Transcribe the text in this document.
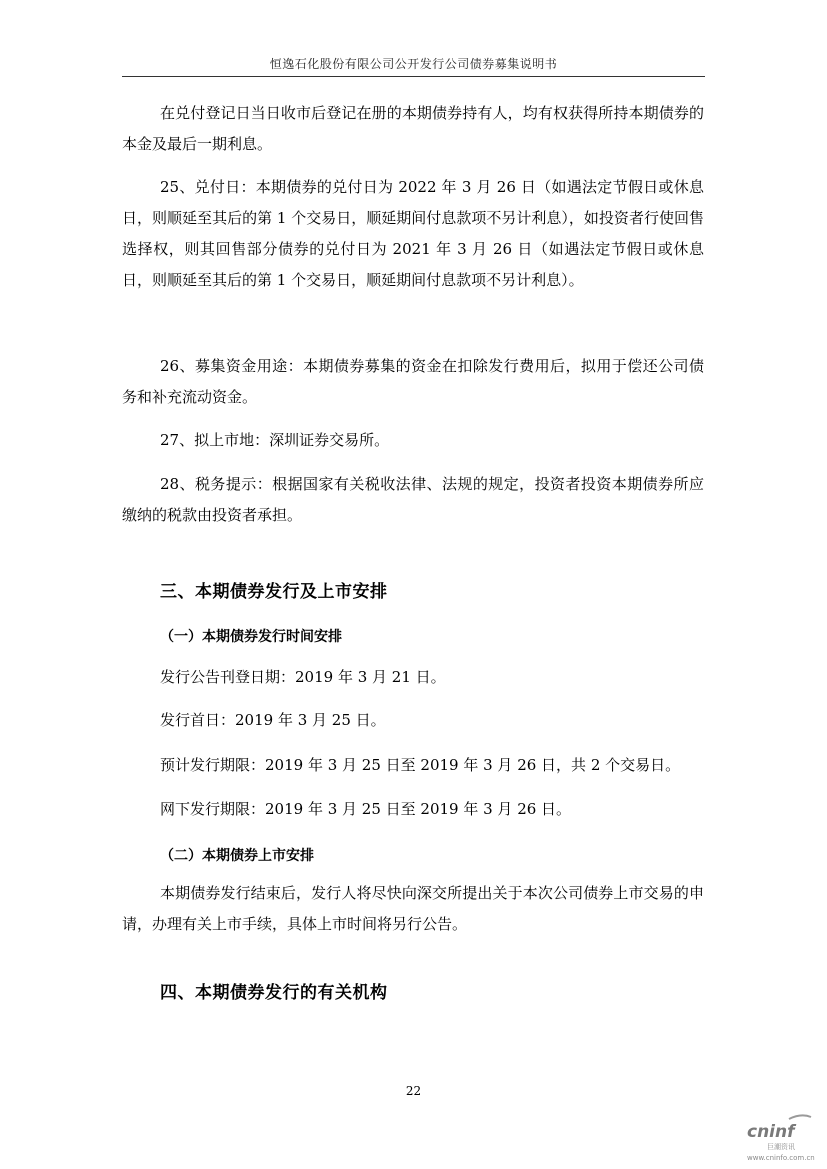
恒逸石化股份有限公司公开发行公司债券募集说明书

在兑付登记日当日收市后登记在册的本期债券持有人，均有权获得所持本期债券的本金及最后一期利息。

25、兑付日：本期债券的兑付日为 2022 年 3 月 26 日（如遇法定节假日或休息日，则顺延至其后的第 1 个交易日，顺延期间付息款项不另计利息），如投资者行使回售选择权，则其回售部分债券的兑付日为 2021 年 3 月 26 日（如遇法定节假日或休息日，则顺延至其后的第 1 个交易日，顺延期间付息款项不另计利息）。

26、募集资金用途：本期债券募集的资金在扣除发行费用后，拟用于偿还公司债务和补充流动资金。

27、拟上市地：深圳证券交易所。

28、税务提示：根据国家有关税收法律、法规的规定，投资者投资本期债券所应缴纳的税款由投资者承担。

三、本期债券发行及上市安排
（一）本期债券发行时间安排

发行公告刊登日期：2019 年 3 月 21 日。

发行首日：2019 年 3 月 25 日。

预计发行期限：2019 年 3 月 25 日至 2019 年 3 月 26 日，共 2 个交易日。

网下发行期限：2019 年 3 月 25 日至 2019 年 3 月 26 日。

（二）本期债券上市安排

本期债券发行结束后，发行人将尽快向深交所提出关于本次公司债券上市交易的申请，办理有关上市手续，具体上市时间将另行公告。

四、本期债券发行的有关机构
22
cninf
巨潮资讯
www.cninfo.com.cn
